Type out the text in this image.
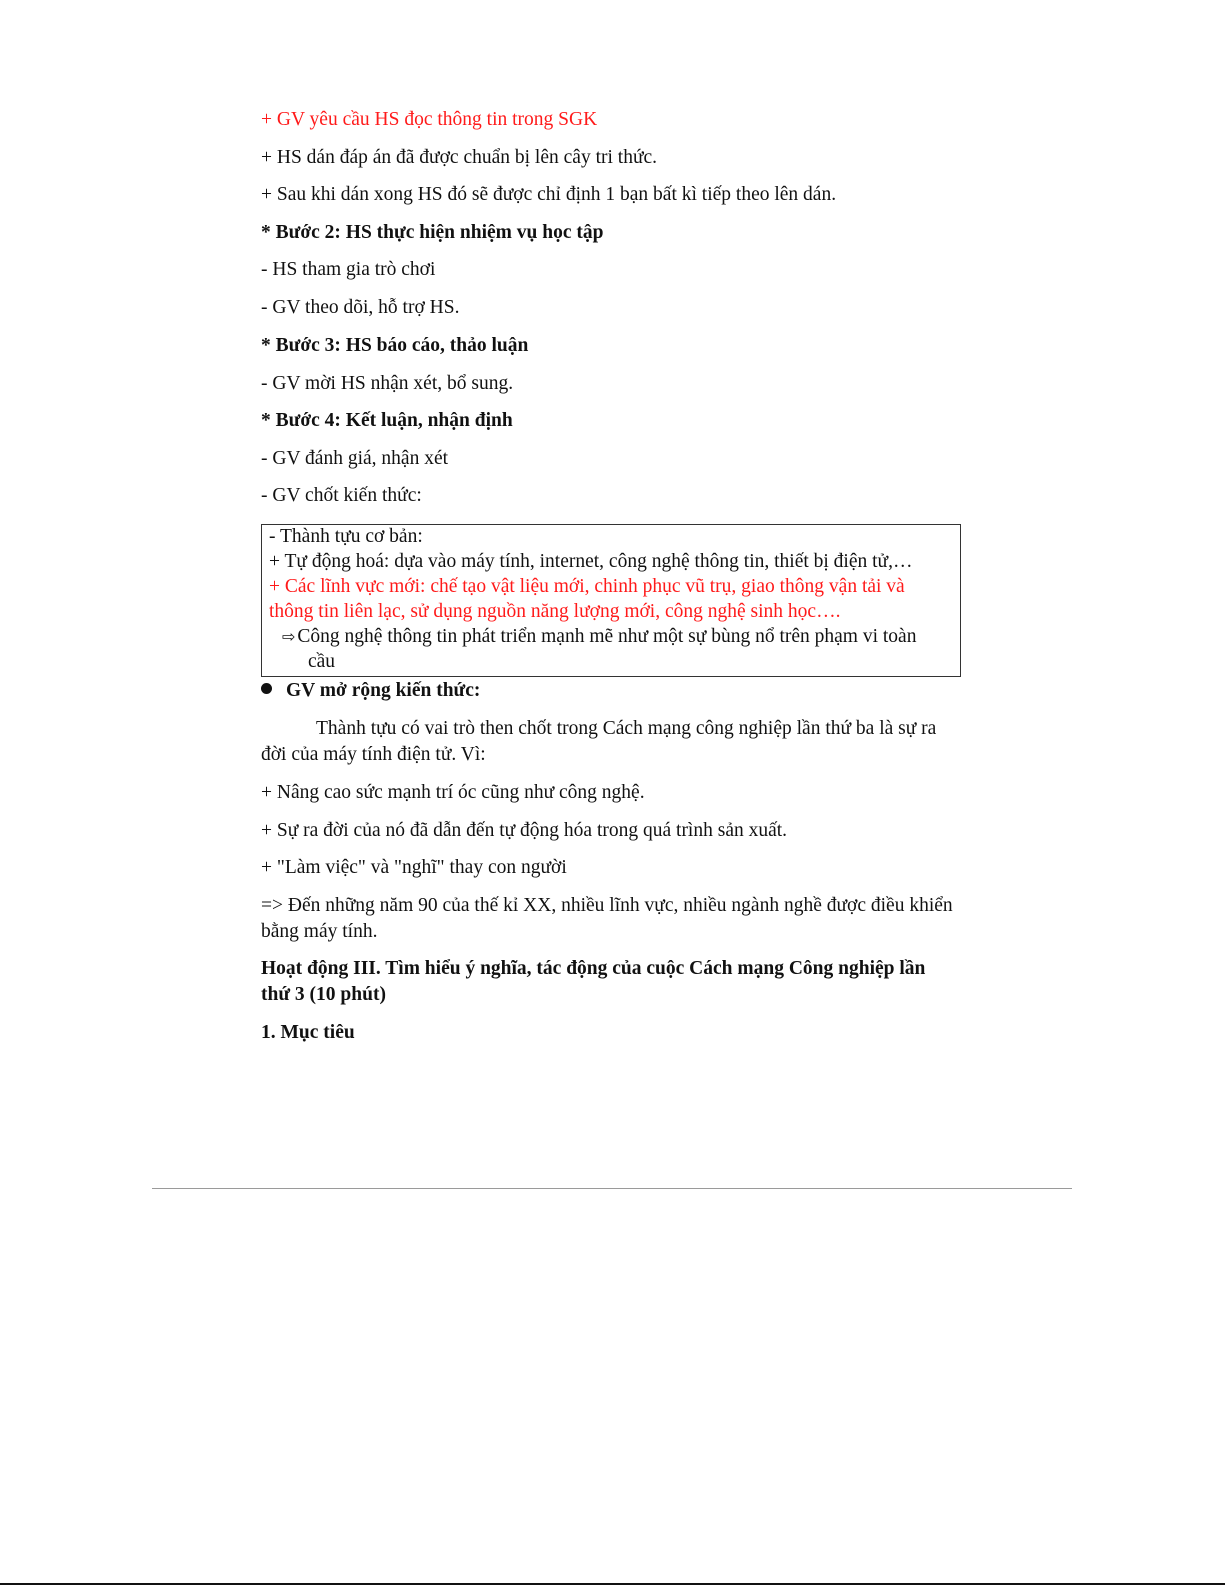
+ GV yêu cầu HS đọc thông tin trong SGK
+ HS dán đáp án đã được chuẩn bị lên cây tri thức.
+ Sau khi dán xong HS đó sẽ được chỉ định 1 bạn bất kì tiếp theo lên dán.
* Bước 2: HS thực hiện nhiệm vụ học tập
- HS tham gia trò chơi
- GV theo dõi, hỗ trợ HS.
* Bước 3: HS báo cáo, thảo luận
- GV mời HS nhận xét, bổ sung.
* Bước 4: Kết luận, nhận định
- GV đánh giá, nhận xét
- GV chốt kiến thức:
- Thành tựu cơ bản:
+ Tự động hoá: dựa vào máy tính, internet, công nghệ thông tin, thiết bị điện tử,…
+ Các lĩnh vực mới: chế tạo vật liệu mới, chinh phục vũ trụ, giao thông vận tải và
thông tin liên lạc, sử dụng nguồn năng lượng mới, công nghệ sinh học….
⇨ Công nghệ thông tin phát triển mạnh mẽ như một sự bùng nổ trên phạm vi toàn
cầu
GV mở rộng kiến thức:
Thành tựu có vai trò then chốt trong Cách mạng công nghiệp lần thứ ba là sự ra
đời của máy tính điện tử. Vì:
+ Nâng cao sức mạnh trí óc cũng như công nghệ.
+ Sự ra đời của nó đã dẫn đến tự động hóa trong quá trình sản xuất.
+ "Làm việc" và "nghĩ" thay con người
=> Đến những năm 90 của thế kỉ XX, nhiều lĩnh vực, nhiều ngành nghề được điều khiển
bằng máy tính.
Hoạt động III. Tìm hiểu ý nghĩa, tác động của cuộc Cách mạng Công nghiệp lần
thứ 3 (10 phút)
1. Mục tiêu
